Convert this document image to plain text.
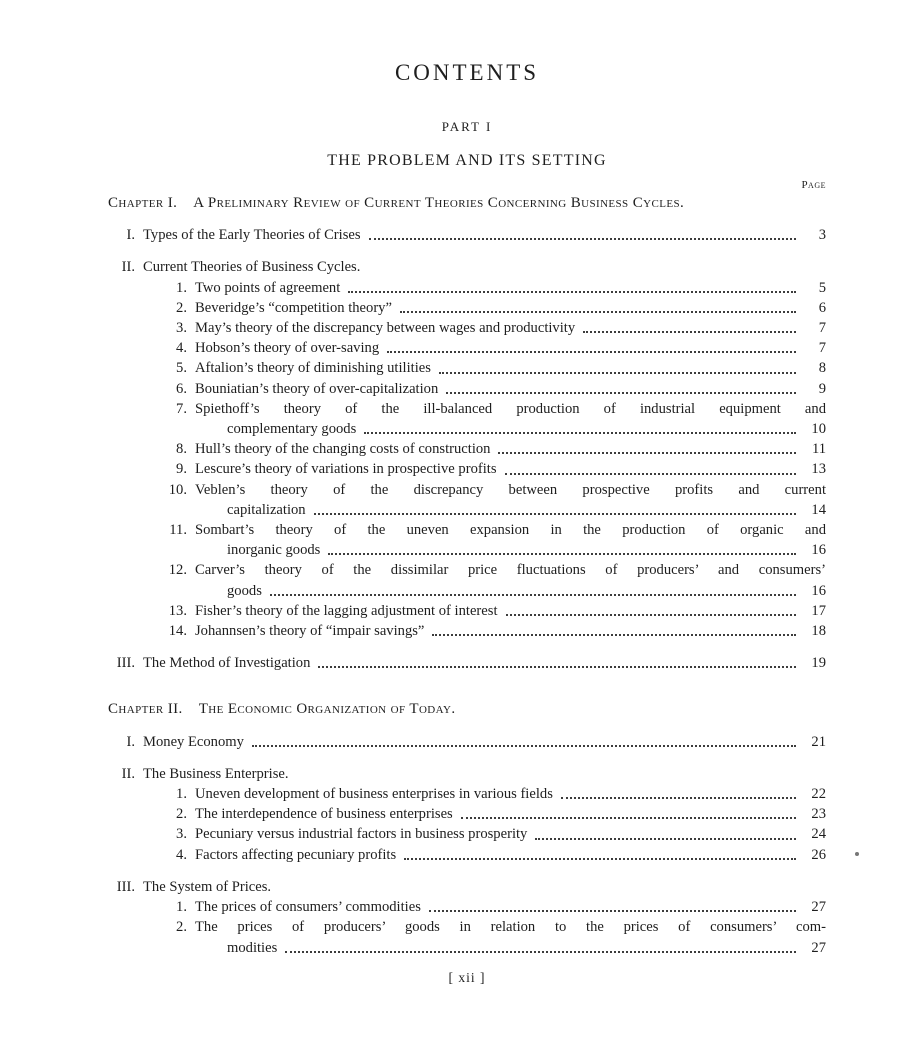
CONTENTS
PART I
THE PROBLEM AND ITS SETTING
Page
Chapter I. A Preliminary Review of Current Theories Concerning Business Cycles.
I. Types of the Early Theories of Crises	3
II. Current Theories of Business Cycles.
1. Two points of agreement	5
2. Beveridge’s “competition theory”	6
3. May’s theory of the discrepancy between wages and productivity	7
4. Hobson’s theory of over-saving	7
5. Aftalion’s theory of diminishing utilities	8
6. Bouniatian’s theory of over-capitalization	9
7. Spiethoff’s theory of the ill-balanced production of industrial equipment and
complementary goods	10
8. Hull’s theory of the changing costs of construction	11
9. Lescure’s theory of variations in prospective profits	13
10. Veblen’s theory of the discrepancy between prospective profits and current
capitalization	14
11. Sombart’s theory of the uneven expansion in the production of organic and
inorganic goods	16
12. Carver’s theory of the dissimilar price fluctuations of producers’ and consumers’
goods	16
13. Fisher’s theory of the lagging adjustment of interest	17
14. Johannsen’s theory of “impair savings”	18
III. The Method of Investigation	19
Chapter II. The Economic Organization of Today.
I. Money Economy	21
II. The Business Enterprise.
1. Uneven development of business enterprises in various fields	22
2. The interdependence of business enterprises	23
3. Pecuniary versus industrial factors in business prosperity	24
4. Factors affecting pecuniary profits	26
III. The System of Prices.
1. The prices of consumers’ commodities	27
2. The prices of producers’ goods in relation to the prices of consumers’ com-
modities	27
[ xii ]
